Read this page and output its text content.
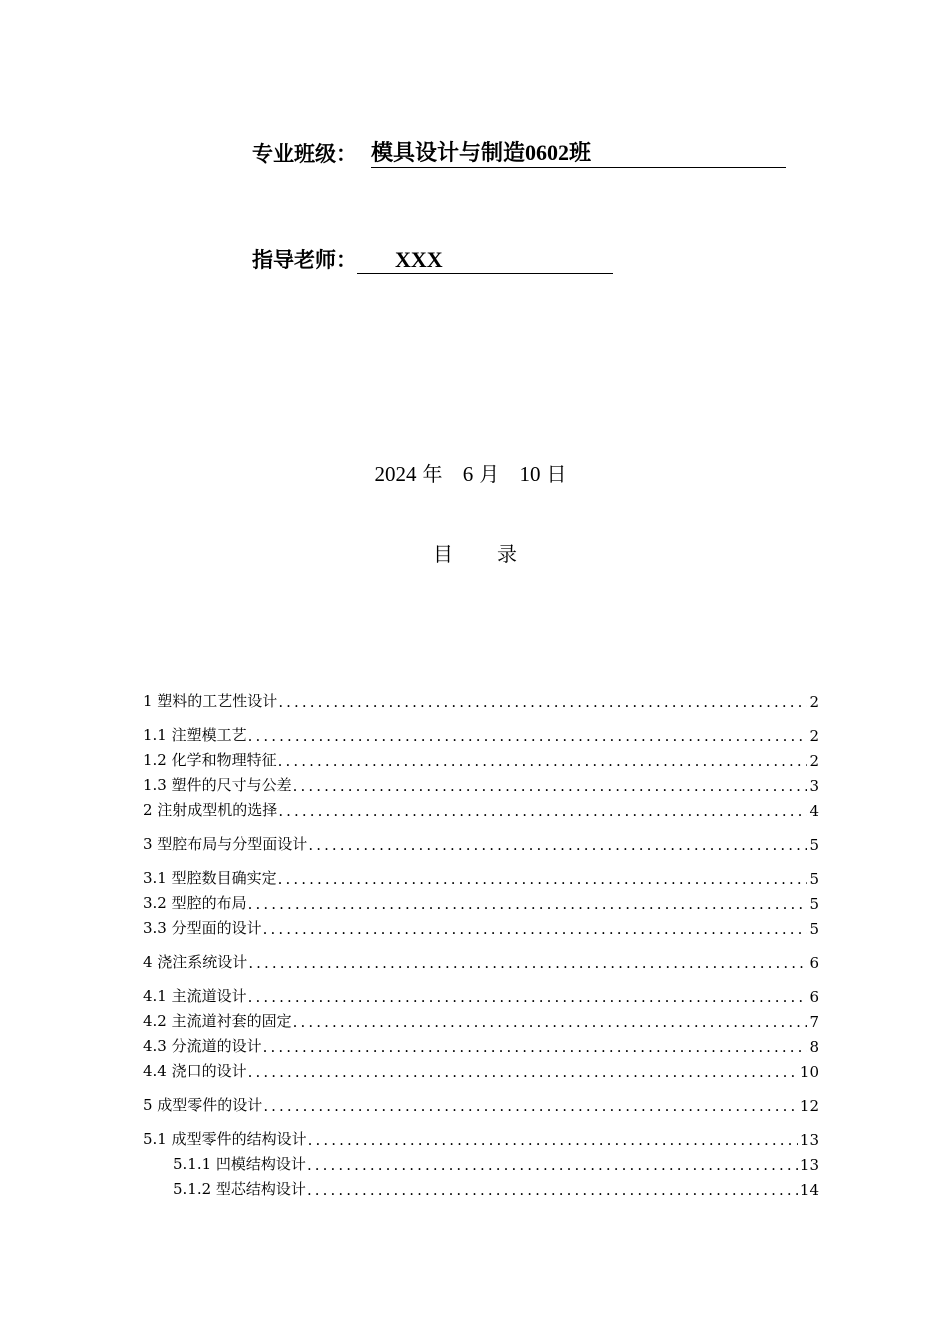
专业班级： 模具设计与制造0602班
指导老师：	XXX
2024 年 6 月 10 日
目录
1 塑料的工艺性设计 .....	2
1.1 注塑模工艺 .....	2
1.2 化学和物理特征 .....	2
1.3 塑件的尺寸与公差 .....	3
2 注射成型机的选择 .....	4
3 型腔布局与分型面设计 .....	5
3.1 型腔数目确实定 .....	5
3.2 型腔的布局 .....	5
3.3 分型面的设计 .....	5
4 浇注系统设计 .....	6
4.1 主流道设计 .....	6
4.2 主流道衬套的固定 .....	7
4.3 分流道的设计 .....	8
4.4 浇口的设计 .....	10
5 成型零件的设计 .....	12
5.1 成型零件的结构设计 .....	13
5.1.1 凹模结构设计 .....	13
5.1.2 型芯结构设计 .....	14
